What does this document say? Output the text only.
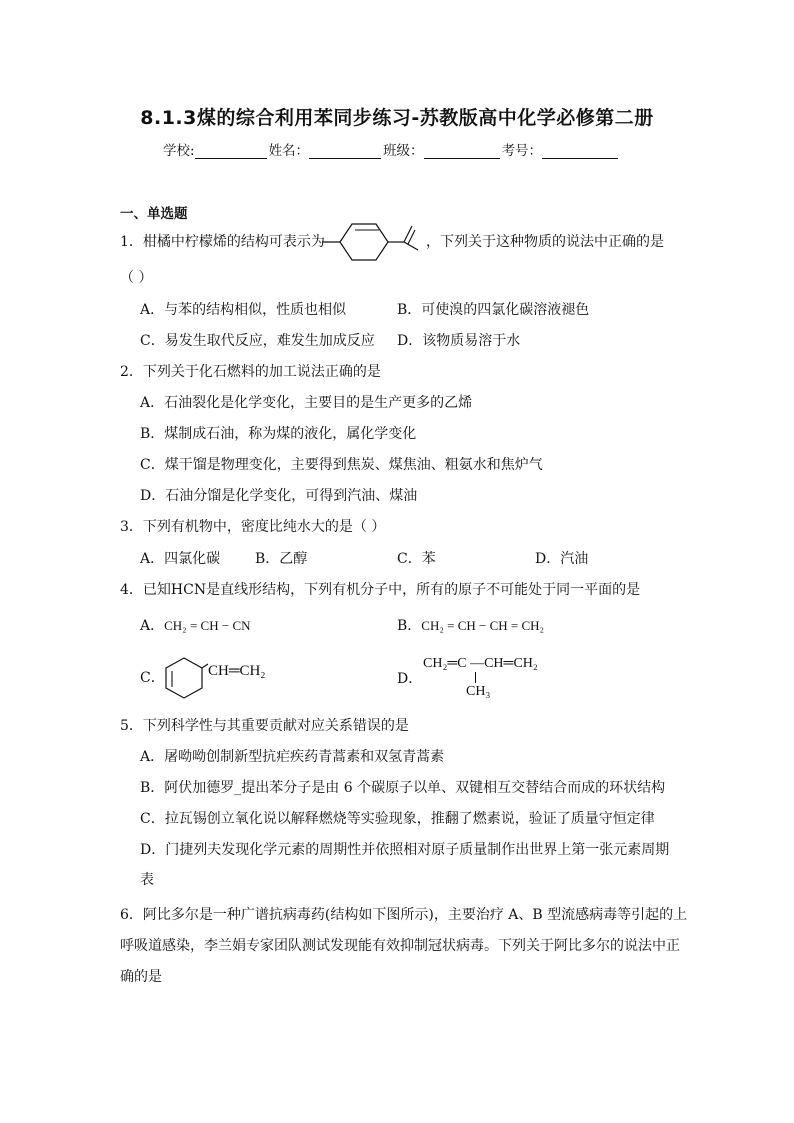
8.1.3煤的综合利用苯同步练习-苏教版高中化学必修第二册
学校:	姓名：	班级：	考号：
一、单选题
1．柑橘中柠檬烯的结构可表示为	，下列关于这种物质的说法中正确的是
（ ）
A．与苯的结构相似，性质也相似	B．可使溴的四氯化碳溶液褪色
C．易发生取代反应，难发生加成反应 D．该物质易溶于水
2．下列关于化石燃料的加工说法正确的是
A．石油裂化是化学变化，主要目的是生产更多的乙烯
B．煤制成石油，称为煤的液化，属化学变化
C．煤干馏是物理变化，主要得到焦炭、煤焦油、粗氨水和焦炉气
D．石油分馏是化学变化，可得到汽油、煤油
3．下列有机物中，密度比纯水大的是（ ）
A．四氯化碳 B．乙醇	C．苯	D．汽油
4．已知HCN是直线形结构，下列有机分子中，所有的原子不可能处于同一平面的是
A．CH₂ = CH − CN	B．CH₂ = CH − CH = CH₂
C．	CH═CH₂	D．
CH₂═C —CH═CH₂
CH₃
5．下列科学性与其重要贡献对应关系错误的是
A．屠呦呦创制新型抗疟疾药青蒿素和双氢青蒿素
B．阿伏加德罗_提出苯分子是由 6 个碳原子以单、双键相互交替结合而成的环状结构
C．拉瓦锡创立氧化说以解释燃烧等实验现象，推翻了燃素说，验证了质量守恒定律
D．门捷列夫发现化学元素的周期性并依照相对原子质量制作出世界上第一张元素周期
表
6．阿比多尔是一种广谱抗病毒药(结构如下图所示)，主要治疗 A、B 型流感病毒等引起的上
呼吸道感染，李兰娟专家团队测试发现能有效抑制冠状病毒。下列关于阿比多尔的说法中正
确的是
